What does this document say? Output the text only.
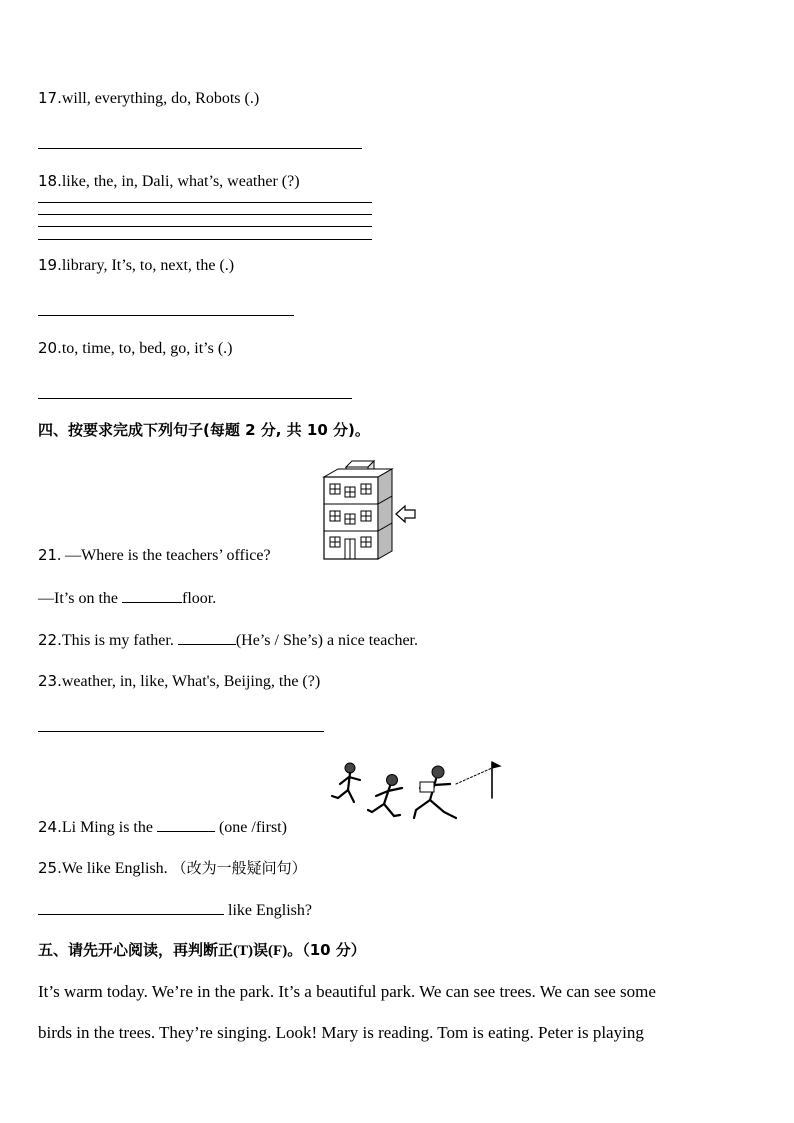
17.will, everything, do, Robots (.)
18.like, the, in, Dali, what’s, weather (?)
19.library, It’s, to, next, the (.)
20.to, time, to, bed, go, it’s (.)
四、按要求完成下列句子(每题 2 分, 共 10 分)。
21. —Where is the teachers’ office?
—It’s on the	floor.
22.This is my father.	(He’s / She’s) a nice teacher.
23.weather, in, like, What's, Beijing, the (?)
24.Li Ming is the	(one /first)
25.We like English. （改为一般疑问句）
like English?
五、请先开心阅读，再判断正(T)误(F)。（10 分）
It’s warm today. We’re in the park. It’s a beautiful park. We can see trees. We can see some
birds in the trees. They’re singing. Look! Mary is reading. Tom is eating. Peter is playing
